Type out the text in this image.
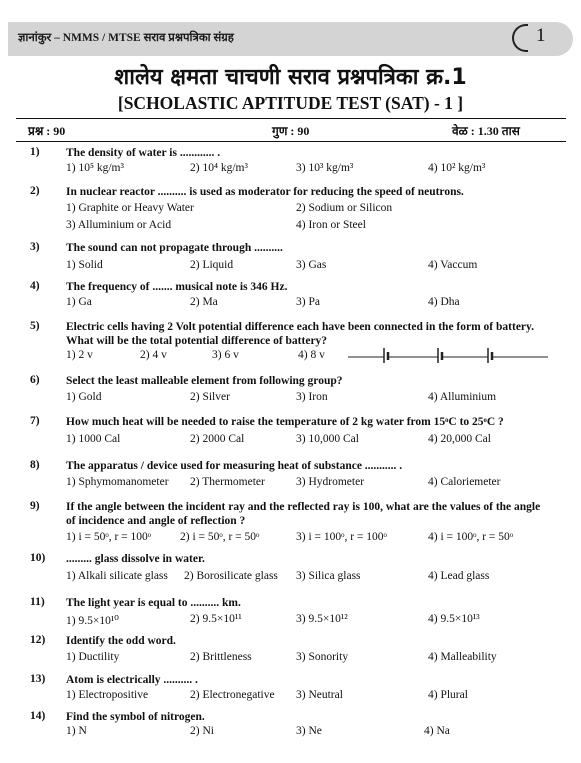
ज्ञानांकुर – NMMS / MTSE सराव प्रश्नपत्रिका संग्रह	1
शालेय क्षमता चाचणी सराव प्रश्नपत्रिका क्र.1
[SCHOLASTIC APTITUDE TEST (SAT) - 1 ]
प्रश्न : 90	गुण : 90	वेळ : 1.30 तास
1) The density of water is ............ .
1) 10⁵ kg/m³	2) 10⁴ kg/m³	3) 10³ kg/m³	4) 10² kg/m³
2) In nuclear reactor .......... is used as moderator for reducing the speed of neutrons.
1) Graphite or Heavy Water	2) Sodium or Silicon
3) Alluminium or Acid	4) Iron or Steel
3) The sound can not propagate through ..........
1) Solid	2) Liquid	3) Gas	4) Vaccum
4) The frequency of ....... musical note is 346 Hz.
1) Ga	2) Ma	3) Pa	4) Dha
5) Electric cells having 2 Volt potential difference each have been connected in the form of battery.
What will be the total potential difference of battery?
1) 2 v	2) 4 v	3) 6 v	4) 8 v
6) Select the least malleable element from following group?
1) Gold	2) Silver	3) Iron	4) Alluminium
7) How much heat will be needed to raise the temperature of 2 kg water from 15ᵒC to 25ᵒC ?
1) 1000 Cal	2) 2000 Cal	3) 10,000 Cal	4) 20,000 Cal
8) The apparatus / device used for measuring heat of substance ........... .
1) Sphymomanometer 2) Thermometer	3) Hydrometer	4) Caloriemeter
9) If the angle between the incident ray and the reflected ray is 100, what are the values of the angle
of incidence and angle of reflection ?
1) i = 50ᵒ, r = 100ᵒ	2) i = 50ᵒ, r = 50ᵒ	3) i = 100ᵒ, r = 100ᵒ	4) i = 100ᵒ, r = 50ᵒ
10) ......... glass dissolve in water.
1) Alkali silicate glass 2) Borosilicate glass 3) Silica glass	4) Lead glass
11) The light year is equal to .......... km.
1) 9.5×10¹⁰	2) 9.5×10¹¹	3) 9.5×10¹²	4) 9.5×10¹³
12) Identify the odd word.
1) Ductility	2) Brittleness	3) Sonority	4) Malleability
13) Atom is electrically .......... .
1) Electropositive	2) Electronegative 3) Neutral	4) Plural
14) Find the symbol of nitrogen.
1) N	2) Ni	3) Ne	4) Na
